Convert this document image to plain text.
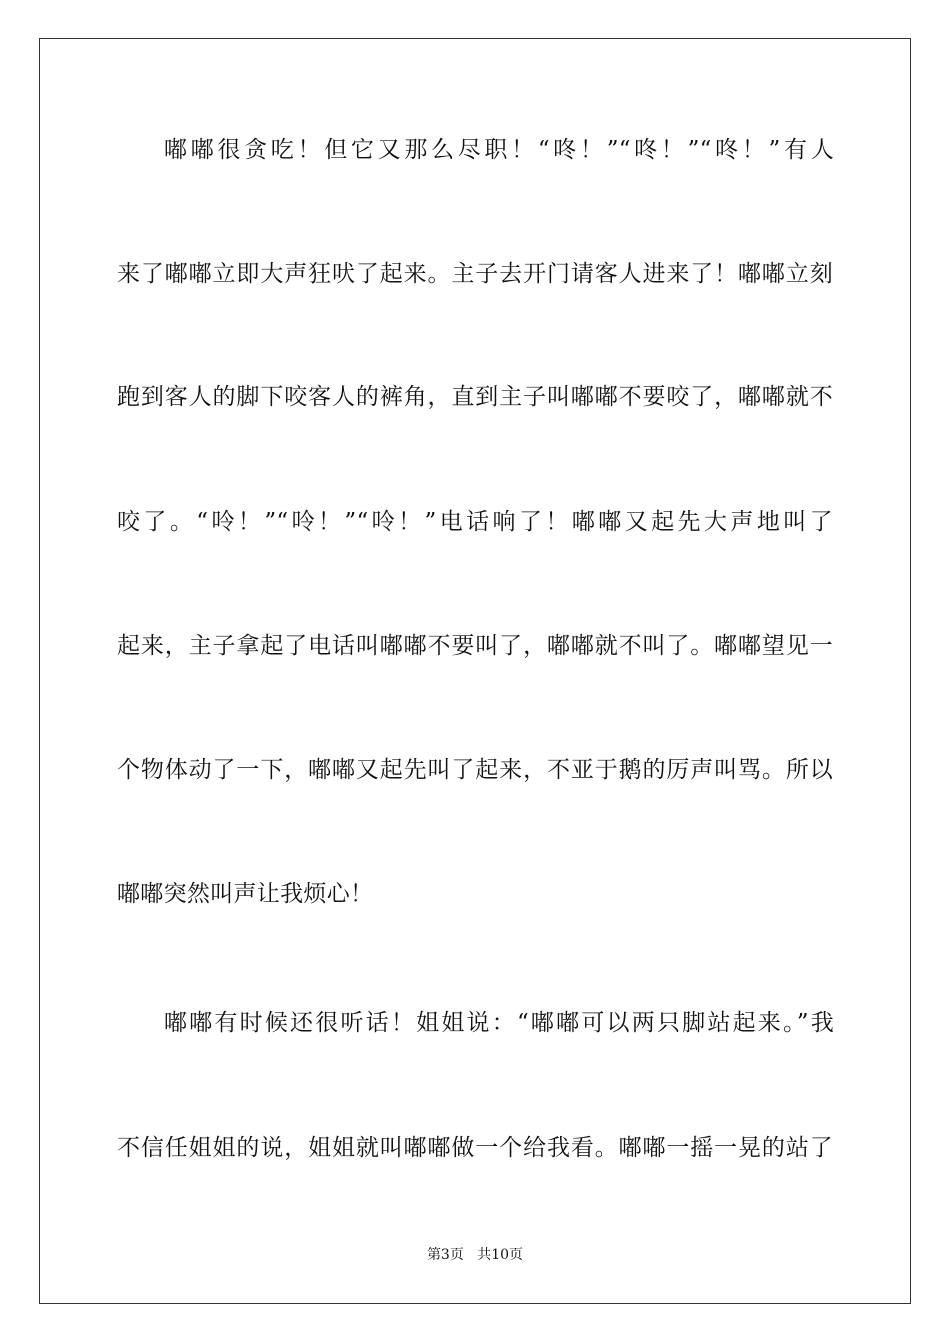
嘟嘟很贪吃！但它又那么尽职！“咚！”“咚！”“咚！”有人
来了嘟嘟立即大声狂吠了起来。主子去开门请客人进来了！嘟嘟立刻
跑到客人的脚下咬客人的裤角，直到主子叫嘟嘟不要咬了，嘟嘟就不
咬了。“呤！”“呤！”“呤！”电话响了！嘟嘟又起先大声地叫了
起来，主子拿起了电话叫嘟嘟不要叫了，嘟嘟就不叫了。嘟嘟望见一
个物体动了一下，嘟嘟又起先叫了起来，不亚于鹅的厉声叫骂。所以
嘟嘟突然叫声让我烦心！
嘟嘟有时候还很听话！姐姐说：“嘟嘟可以两只脚站起来。”我
不信任姐姐的说，姐姐就叫嘟嘟做一个给我看。嘟嘟一摇一晃的站了
第3页 共10页
